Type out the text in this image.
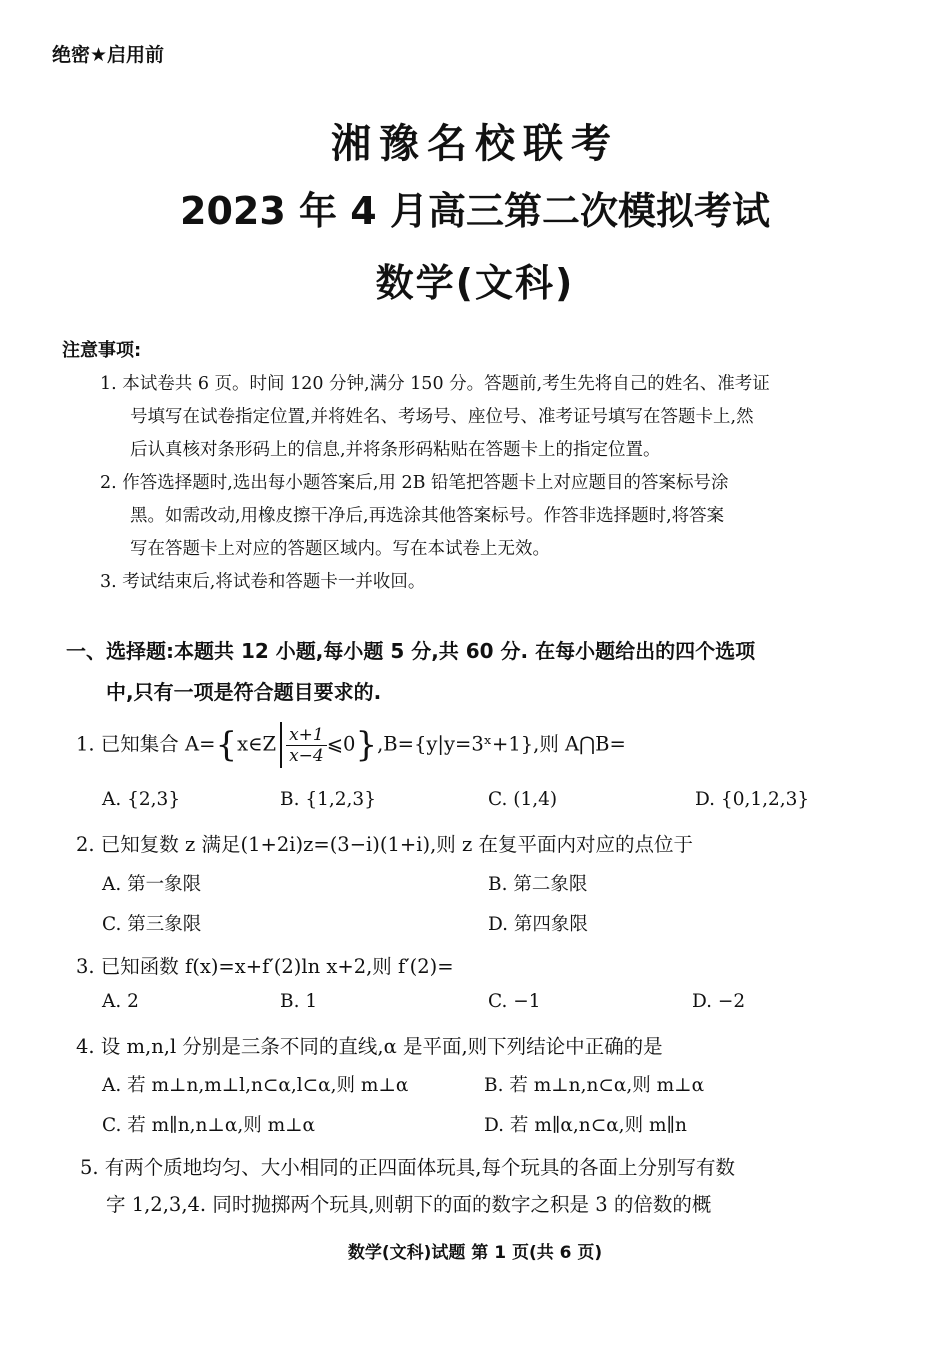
绝密★启用前
湘豫名校联考
2023 年 4 月高三第二次模拟考试
数学(文科)
注意事项:
1. 本试卷共 6 页。时间 120 分钟,满分 150 分。答题前,考生先将自己的姓名、准考证
号填写在试卷指定位置,并将姓名、考场号、座位号、准考证号填写在答题卡上,然
后认真核对条形码上的信息,并将条形码粘贴在答题卡上的指定位置。
2. 作答选择题时,选出每小题答案后,用 2B 铅笔把答题卡上对应题目的答案标号涂
黑。如需改动,用橡皮擦干净后,再选涂其他答案标号。作答非选择题时,将答案
写在答题卡上对应的答题区域内。写在本试卷上无效。
3. 考试结束后,将试卷和答题卡一并收回。
一、选择题:本题共 12 小题,每小题 5 分,共 60 分. 在每小题给出的四个选项
中,只有一项是符合题目要求的.
1. 已知集合 A={x∈Z $\frac{x+1}{x-4}$ ⩽0},B={y|y=3ˣ+1},则 A⋂B=
A. {2,3}	B. {1,2,3}	C. (1,4)	D. {0,1,2,3}
2. 已知复数 z 满足(1+2i)z=(3−i)(1+i),则 z 在复平面内对应的点位于
A. 第一象限	B. 第二象限
C. 第三象限	D. 第四象限
3. 已知函数 f(x)=x+f′(2)ln x+2,则 f′(2)=
A. 2	B. 1	C. −1	D. −2
4. 设 m,n,l 分别是三条不同的直线,α 是平面,则下列结论中正确的是
A. 若 m⊥n,m⊥l,n⊂α,l⊂α,则 m⊥α	B. 若 m⊥n,n⊂α,则 m⊥α
C. 若 m∥n,n⊥α,则 m⊥α	D. 若 m∥α,n⊂α,则 m∥n
5. 有两个质地均匀、大小相同的正四面体玩具,每个玩具的各面上分别写有数
字 1,2,3,4. 同时抛掷两个玩具,则朝下的面的数字之积是 3 的倍数的概
数学(文科)试题 第 1 页(共 6 页)
